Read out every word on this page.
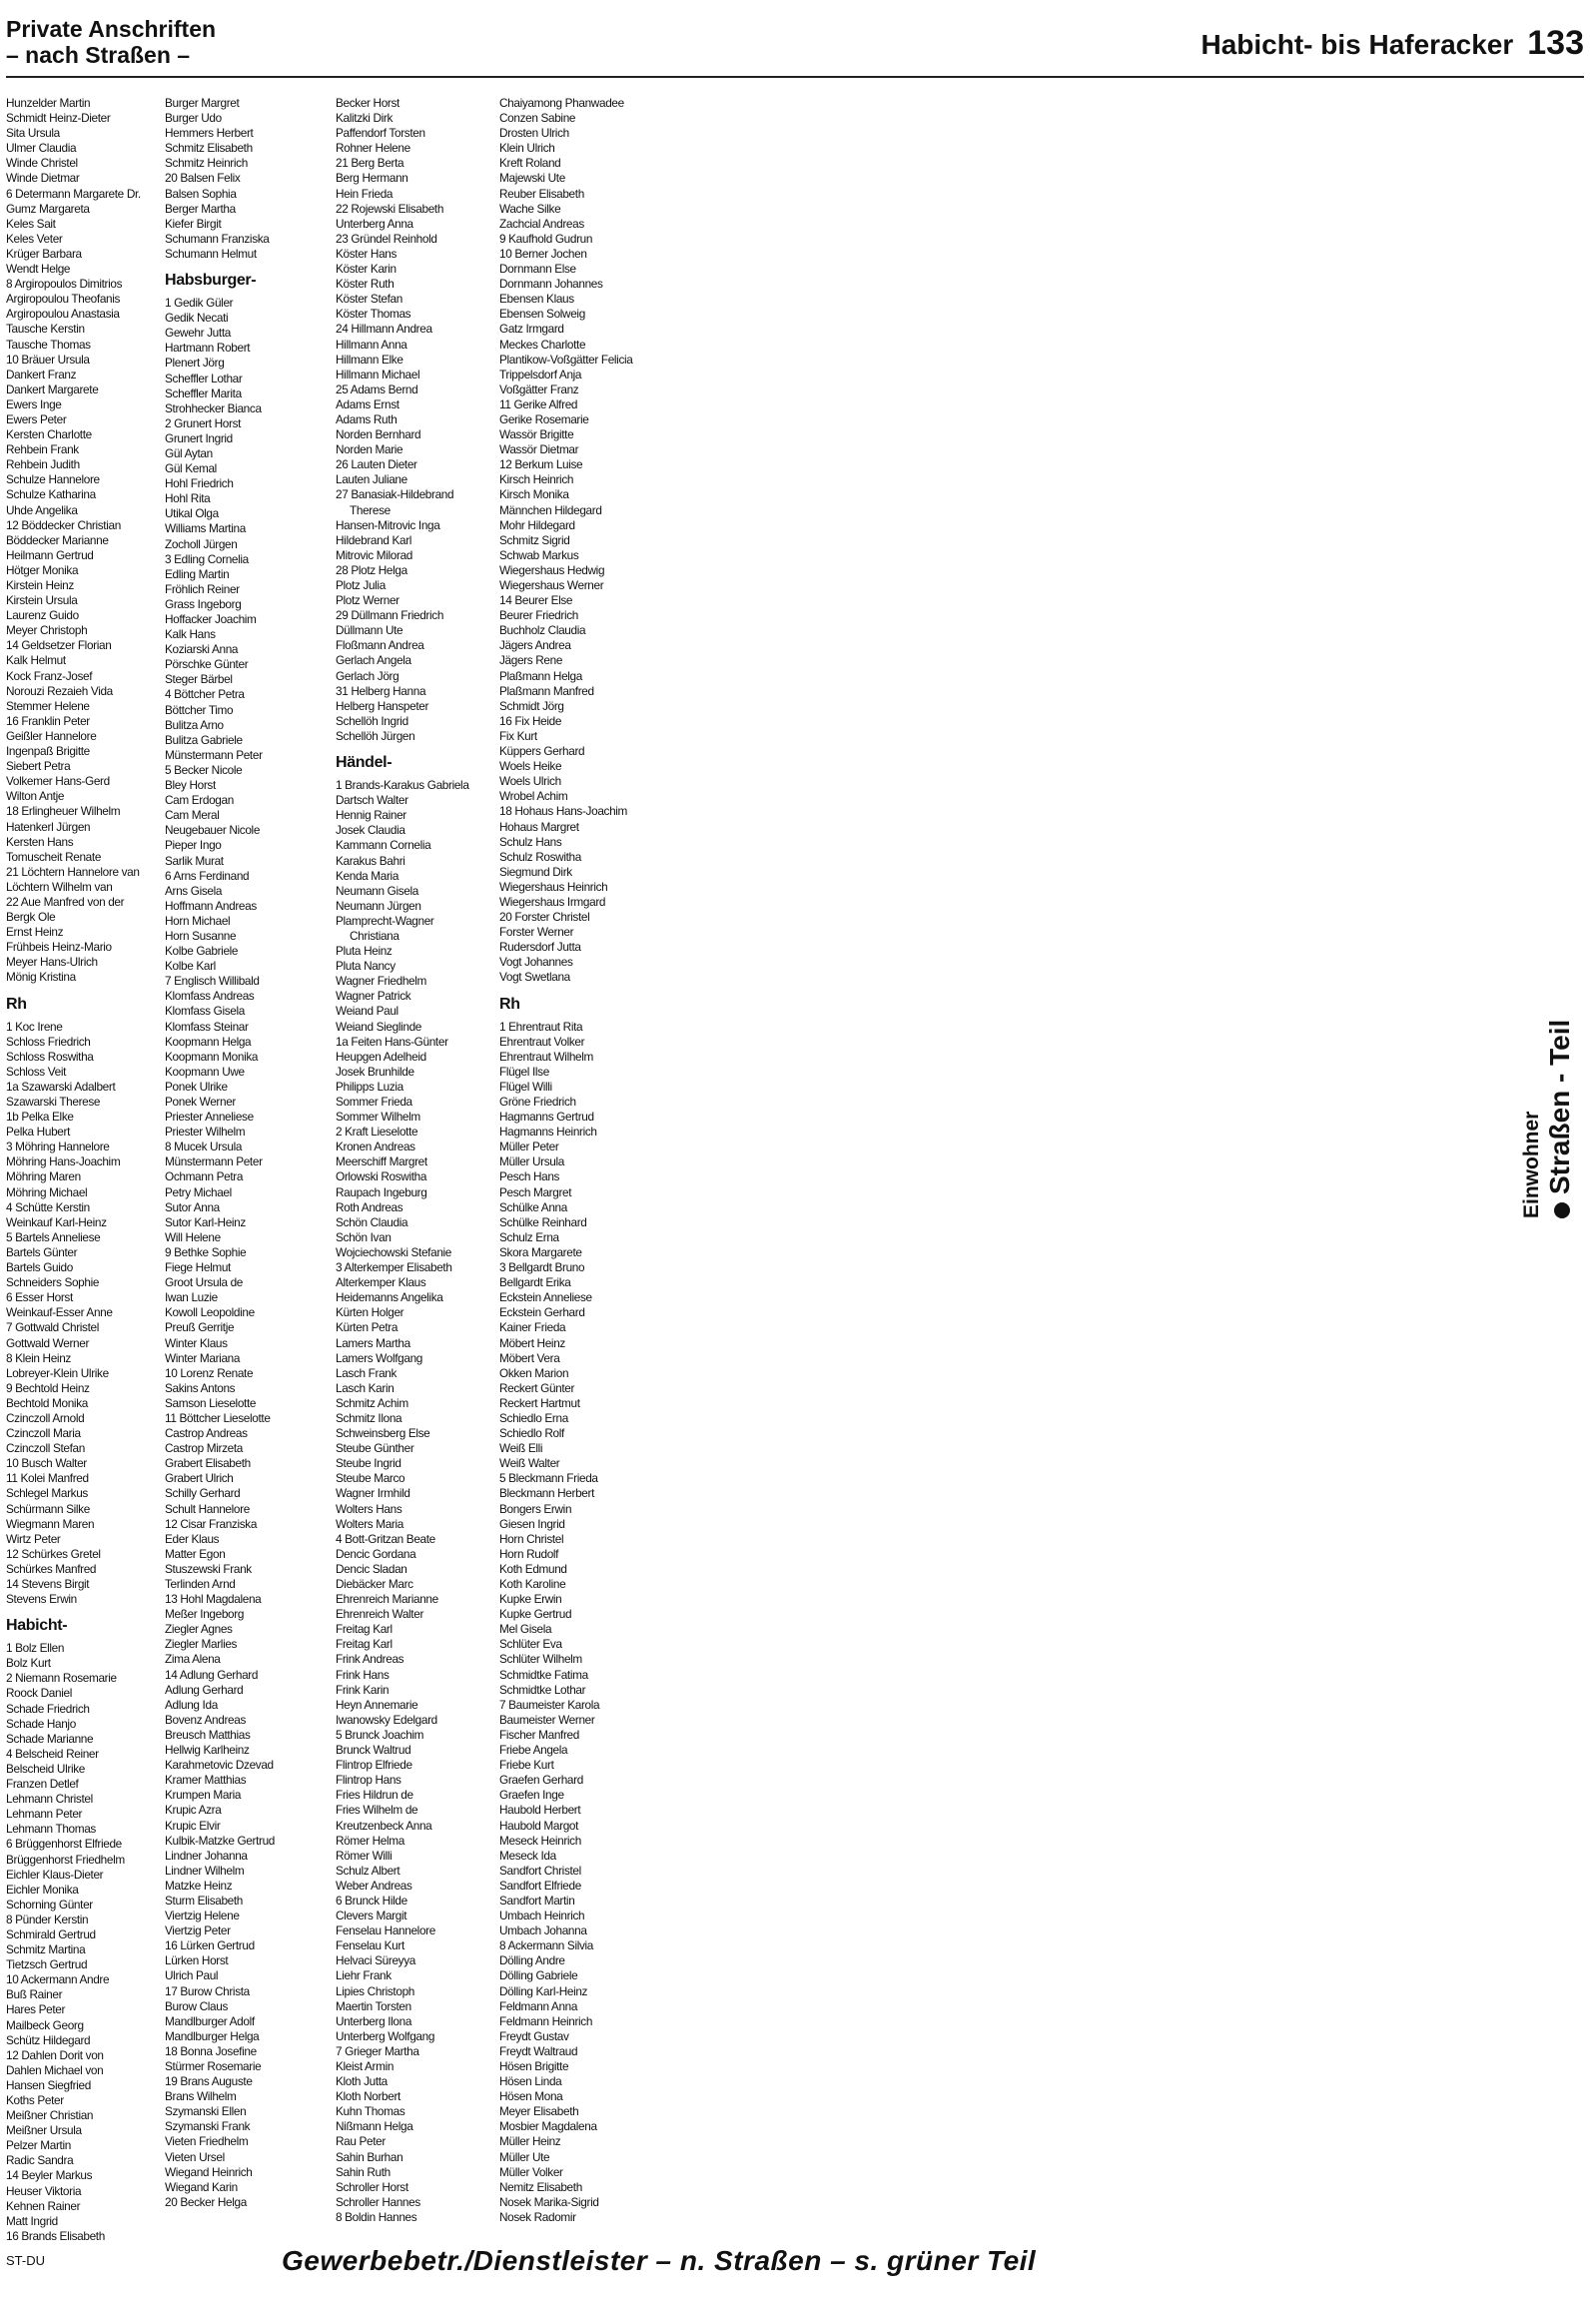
Private Anschriften
– nach Straßen –	Habicht- bis Haferacker 133
Hunzelder Martin
Schmidt Heinz-Dieter
Sita Ursula
Ulmer Claudia
Winde Christel
Winde Dietmar
6 Determann Margarete Dr.
Gumz Margareta
Keles Sait
Keles Veter
Krüger Barbara
Wendt Helge
8 Argiropoulos Dimitrios
Argiropoulou Theofanis
Argiropoulou Anastasia
Tausche Kerstin
Tausche Thomas
10 Bräuer Ursula
Dankert Franz
Dankert Margarete
Ewers Inge
Ewers Peter
Kersten Charlotte
Rehbein Frank
Rehbein Judith
Schulze Hannelore
Schulze Katharina
Uhde Angelika
12 Böddecker Christian
Böddecker Marianne
Heilmann Gertrud
Hötger Monika
Kirstein Heinz
Kirstein Ursula
Laurenz Guido
Meyer Christoph
14 Geldsetzer Florian
Kalk Helmut
Kock Franz-Josef
Norouzi Rezaieh Vida
Stemmer Helene
16 Franklin Peter
Geißler Hannelore
Ingenpaß Brigitte
Siebert Petra
Volkemer Hans-Gerd
Wilton Antje
18 Erlingheuer Wilhelm
Hatenkerl Jürgen
Kersten Hans
Tomuscheit Renate
21 Löchtern Hannelore van
Löchtern Wilhelm van
22 Aue Manfred von der
Bergk Ole
Ernst Heinz
Frühbeis Heinz-Mario
Meyer Hans-Ulrich
Mönig Kristina
Rh
1 Koc Irene
Schloss Friedrich
Schloss Roswitha
Schloss Veit
1a Szawarski Adalbert
Szawarski Therese
1b Pelka Elke
Pelka Hubert
3 Möhring Hannelore
Möhring Hans-Joachim
Möhring Maren
Möhring Michael
4 Schütte Kerstin
Weinkauf Karl-Heinz
5 Bartels Anneliese
Bartels Günter
Bartels Guido
Schneiders Sophie
6 Esser Horst
Weinkauf-Esser Anne
7 Gottwald Christel
Gottwald Werner
8 Klein Heinz
Lobreyer-Klein Ulrike
9 Bechtold Heinz
Bechtold Monika
Czinczoll Arnold
Czinczoll Maria
Czinczoll Stefan
10 Busch Walter
11 Kolei Manfred
Schlegel Markus
Schürmann Silke
Wiegmann Maren
Wirtz Peter
12 Schürkes Gretel
Schürkes Manfred
14 Stevens Birgit
Stevens Erwin
Habicht-
1 Bolz Ellen
Bolz Kurt
2 Niemann Rosemarie
Roock Daniel
Schade Friedrich
Schade Hanjo
Schade Marianne
4 Belscheid Reiner
Belscheid Ulrike
Franzen Detlef
Lehmann Christel
Lehmann Peter
Lehmann Thomas
6 Brüggenhorst Elfriede
Brüggenhorst Friedhelm
Eichler Klaus-Dieter
Eichler Monika
Schorning Günter
8 Pünder Kerstin
Schmirald Gertrud
Schmitz Martina
Tietzsch Gertrud
10 Ackermann Andre
Buß Rainer
Hares Peter
Mailbeck Georg
Schütz Hildegard
12 Dahlen Dorit von
Dahlen Michael von
Hansen Siegfried
Koths Peter
Meißner Christian
Meißner Ursula
Pelzer Martin
Radic Sandra
14 Beyler Markus
Heuser Viktoria
Kehnen Rainer
Matt Ingrid
16 Brands Elisabeth
Burger Margret
Burger Udo
Hemmers Herbert
Schmitz Elisabeth
Schmitz Heinrich
20 Balsen Felix
Balsen Sophia
Berger Martha
Kiefer Birgit
Schumann Franziska
Schumann Helmut
Habsburger-
1 Gedik Güler
Gedik Necati
Gewehr Jutta
Hartmann Robert
Plenert Jörg
Scheffler Lothar
Scheffler Marita
Strohhecker Bianca
2 Grunert Horst
Grunert Ingrid
Gül Aytan
Gül Kemal
Hohl Friedrich
Hohl Rita
Utikal Olga
Williams Martina
Zocholl Jürgen
3 Edling Cornelia
Edling Martin
Fröhlich Reiner
Grass Ingeborg
Hoffacker Joachim
Kalk Hans
Koziarski Anna
Pörschke Günter
Steger Bärbel
4 Böttcher Petra
Böttcher Timo
Bulitza Arno
Bulitza Gabriele
Münstermann Peter
5 Becker Nicole
Bley Horst
Cam Erdogan
Cam Meral
Neugebauer Nicole
Pieper Ingo
Sarlik Murat
6 Arns Ferdinand
Arns Gisela
Hoffmann Andreas
Horn Michael
Horn Susanne
Kolbe Gabriele
Kolbe Karl
7 Englisch Willibald
Klomfass Andreas
Klomfass Gisela
Klomfass Steinar
Koopmann Helga
Koopmann Monika
Koopmann Uwe
Ponek Ulrike
Ponek Werner
Priester Anneliese
Priester Wilhelm
8 Mucek Ursula
Münstermann Peter
Ochmann Petra
Petry Michael
Sutor Anna
Sutor Karl-Heinz
Will Helene
9 Bethke Sophie
Fiege Helmut
Groot Ursula de
Iwan Luzie
Kowoll Leopoldine
Preuß Gerritje
Winter Klaus
Winter Mariana
10 Lorenz Renate
Sakins Antons
Samson Lieselotte
11 Böttcher Lieselotte
Castrop Andreas
Castrop Mirzeta
Grabert Elisabeth
Grabert Ulrich
Schilly Gerhard
Schult Hannelore
12 Cisar Franziska
Eder Klaus
Matter Egon
Stuszewski Frank
Terlinden Arnd
13 Hohl Magdalena
Meßer Ingeborg
Ziegler Agnes
Ziegler Marlies
Zima Alena
14 Adlung Gerhard
Adlung Gerhard
Adlung Ida
Bovenz Andreas
Breusch Matthias
Hellwig Karlheinz
Karahmetovic Dzevad
Kramer Matthias
Krumpen Maria
Krupic Azra
Krupic Elvir
Kulbik-Matzke Gertrud
Lindner Johanna
Lindner Wilhelm
Matzke Heinz
Sturm Elisabeth
Viertzig Helene
Viertzig Peter
16 Lürken Gertrud
Lürken Horst
Ulrich Paul
17 Burow Christa
Burow Claus
Mandlburger Adolf
Mandlburger Helga
18 Bonna Josefine
Stürmer Rosemarie
19 Brans Auguste
Brans Wilhelm
Szymanski Ellen
Szymanski Frank
Vieten Friedhelm
Vieten Ursel
Wiegand Heinrich
Wiegand Karin
20 Becker Helga
Becker Horst
Kalitzki Dirk
Paffendorf Torsten
Rohner Helene
21 Berg Berta
Berg Hermann
Hein Frieda
22 Rojewski Elisabeth
Unterberg Anna
23 Gründel Reinhold
Köster Hans
Köster Karin
Köster Ruth
Köster Stefan
Köster Thomas
24 Hillmann Andrea
Hillmann Anna
Hillmann Elke
Hillmann Michael
25 Adams Bernd
Adams Ernst
Adams Ruth
Norden Bernhard
Norden Marie
26 Lauten Dieter
Lauten Juliane
27 Banasiak-Hildebrand
Therese
Hansen-Mitrovic Inga
Hildebrand Karl
Mitrovic Milorad
28 Plotz Helga
Plotz Julia
Plotz Werner
29 Düllmann Friedrich
Düllmann Ute
Floßmann Andrea
Gerlach Angela
Gerlach Jörg
31 Helberg Hanna
Helberg Hanspeter
Schellöh Ingrid
Schellöh Jürgen
Händel-
1 Brands-Karakus Gabriela
Dartsch Walter
Hennig Rainer
Josek Claudia
Kammann Cornelia
Karakus Bahri
Kenda Maria
Neumann Gisela
Neumann Jürgen
Plamprecht-Wagner
Christiana
Pluta Heinz
Pluta Nancy
Wagner Friedhelm
Wagner Patrick
Weiand Paul
Weiand Sieglinde
1a Feiten Hans-Günter
Heupgen Adelheid
Josek Brunhilde
Philipps Luzia
Sommer Frieda
Sommer Wilhelm
2 Kraft Lieselotte
Kronen Andreas
Meerschiff Margret
Orlowski Roswitha
Raupach Ingeburg
Roth Andreas
Schön Claudia
Schön Ivan
Wojciechowski Stefanie
3 Alterkemper Elisabeth
Alterkemper Klaus
Heidemanns Angelika
Kürten Holger
Kürten Petra
Lamers Martha
Lamers Wolfgang
Lasch Frank
Lasch Karin
Schmitz Achim
Schmitz Ilona
Schweinsberg Else
Steube Günther
Steube Ingrid
Steube Marco
Wagner Irmhild
Wolters Hans
Wolters Maria
4 Bott-Gritzan Beate
Dencic Gordana
Dencic Sladan
Diebäcker Marc
Ehrenreich Marianne
Ehrenreich Walter
Freitag Karl
Freitag Karl
Frink Andreas
Frink Hans
Frink Karin
Heyn Annemarie
Iwanowsky Edelgard
5 Brunck Joachim
Brunck Waltrud
Flintrop Elfriede
Flintrop Hans
Fries Hildrun de
Fries Wilhelm de
Kreutzenbeck Anna
Römer Helma
Römer Willi
Schulz Albert
Weber Andreas
6 Brunck Hilde
Clevers Margit
Fenselau Hannelore
Fenselau Kurt
Helvaci Süreyya
Liehr Frank
Lipies Christoph
Maertin Torsten
Unterberg Ilona
Unterberg Wolfgang
7 Grieger Martha
Kleist Armin
Kloth Jutta
Kloth Norbert
Kuhn Thomas
Nißmann Helga
Rau Peter
Sahin Burhan
Sahin Ruth
Schroller Horst
Schroller Hannes
8 Boldin Hannes
Chaiyamong Phanwadee
Conzen Sabine
Drosten Ulrich
Klein Ulrich
Kreft Roland
Majewski Ute
Reuber Elisabeth
Wache Silke
Zachcial Andreas
9 Kaufhold Gudrun
10 Berner Jochen
Dornmann Else
Dornmann Johannes
Ebensen Klaus
Ebensen Solweig
Gatz Irmgard
Meckes Charlotte
Plantikow-Voßgätter Felicia
Trippelsdorf Anja
Voßgätter Franz
11 Gerike Alfred
Gerike Rosemarie
Wassör Brigitte
Wassör Dietmar
12 Berkum Luise
Kirsch Heinrich
Kirsch Monika
Männchen Hildegard
Mohr Hildegard
Schmitz Sigrid
Schwab Markus
Wiegershaus Hedwig
Wiegershaus Werner
14 Beurer Else
Beurer Friedrich
Buchholz Claudia
Jägers Andrea
Jägers Rene
Plaßmann Helga
Plaßmann Manfred
Schmidt Jörg
16 Fix Heide
Fix Kurt
Küppers Gerhard
Woels Heike
Woels Ulrich
Wrobel Achim
18 Hohaus Hans-Joachim
Hohaus Margret
Schulz Hans
Schulz Roswitha
Siegmund Dirk
Wiegershaus Heinrich
Wiegershaus Irmgard
20 Forster Christel
Forster Werner
Rudersdorf Jutta
Vogt Johannes
Vogt Swetlana
Rh
1 Ehrentraut Rita
Ehrentraut Volker
Ehrentraut Wilhelm
Flügel Ilse
Flügel Willi
Gröne Friedrich
Hagmanns Gertrud
Hagmanns Heinrich
Müller Peter
Müller Ursula
Pesch Hans
Pesch Margret
Schülke Anna
Schülke Reinhard
Schulz Erna
Skora Margarete
3 Bellgardt Bruno
Bellgardt Erika
Eckstein Anneliese
Eckstein Gerhard
Kainer Frieda
Möbert Heinz
Möbert Vera
Okken Marion
Reckert Günter
Reckert Hartmut
Schiedlo Erna
Schiedlo Rolf
Weiß Elli
Weiß Walter
5 Bleckmann Frieda
Bleckmann Herbert
Bongers Erwin
Giesen Ingrid
Horn Christel
Horn Rudolf
Koth Edmund
Koth Karoline
Kupke Erwin
Kupke Gertrud
Mel Gisela
Schlüter Eva
Schlüter Wilhelm
Schmidtke Fatima
Schmidtke Lothar
7 Baumeister Karola
Baumeister Werner
Fischer Manfred
Friebe Angela
Friebe Kurt
Graefen Gerhard
Graefen Inge
Haubold Herbert
Haubold Margot
Meseck Heinrich
Meseck Ida
Sandfort Christel
Sandfort Elfriede
Sandfort Martin
Umbach Heinrich
Umbach Johanna
8 Ackermann Silvia
Dölling Andre
Dölling Gabriele
Dölling Karl-Heinz
Feldmann Anna
Feldmann Heinrich
Freydt Gustav
Freydt Waltraud
Hösen Brigitte
Hösen Linda
Hösen Mona
Meyer Elisabeth
Mosbier Magdalena
Müller Heinz
Müller Ute
Müller Volker
Nemitz Elisabeth
Nosek Marika-Sigrid
Nosek Radomir
Einwohner Straßen - Teil
ST-DU	Gewerbebetr./Dienstleister – n. Straßen – s. grüner Teil
